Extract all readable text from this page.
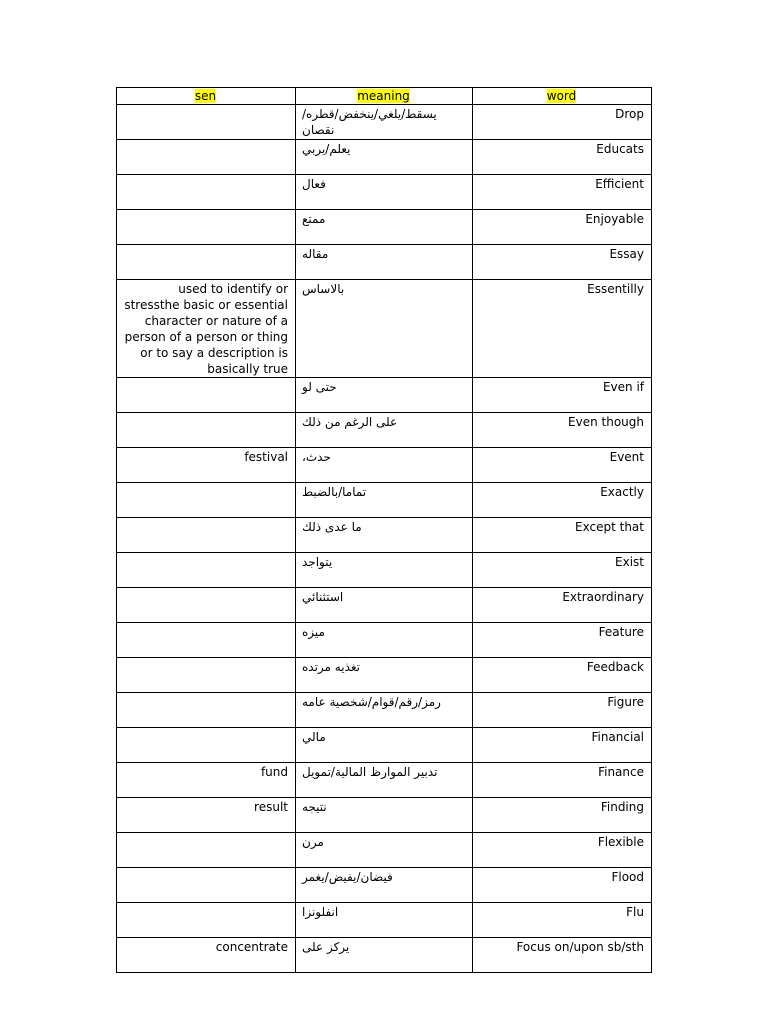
sen	meaning	word
	يسقط/يلغي/ينخفض/قطره/نقصان	Drop
	يعلم/يربي	Educats
	فعال	Efficient
	ممتع	Enjoyable
	مقاله	Essay
used to identify or stressthe basic or essential character or nature of a person of a person or thing or to say a description is basically true	بالاساس	Essentilly
	حتى لو	Even if
	على الرغم من ذلك	Even though
festival	حدث،	Event
	تماما/بالضبط	Exactly
	ما عدى ذلك	Except that
	يتواجد	Exist
	استثنائي	Extraordinary
	ميزه	Feature
	تغذيه مرتده	Feedback
	رمز/رقم/قوام/شخصية عامه	Figure
	مالي	Financial
fund	تدبير الموارظ المالية/تمويل	Finance
result	نتيجه	Finding
	مرن	Flexible
	فيضان/يفيض/يغمر	Flood
	انفلونزا	Flu
concentrate	يركز على	Focus on/upon sb/sth
